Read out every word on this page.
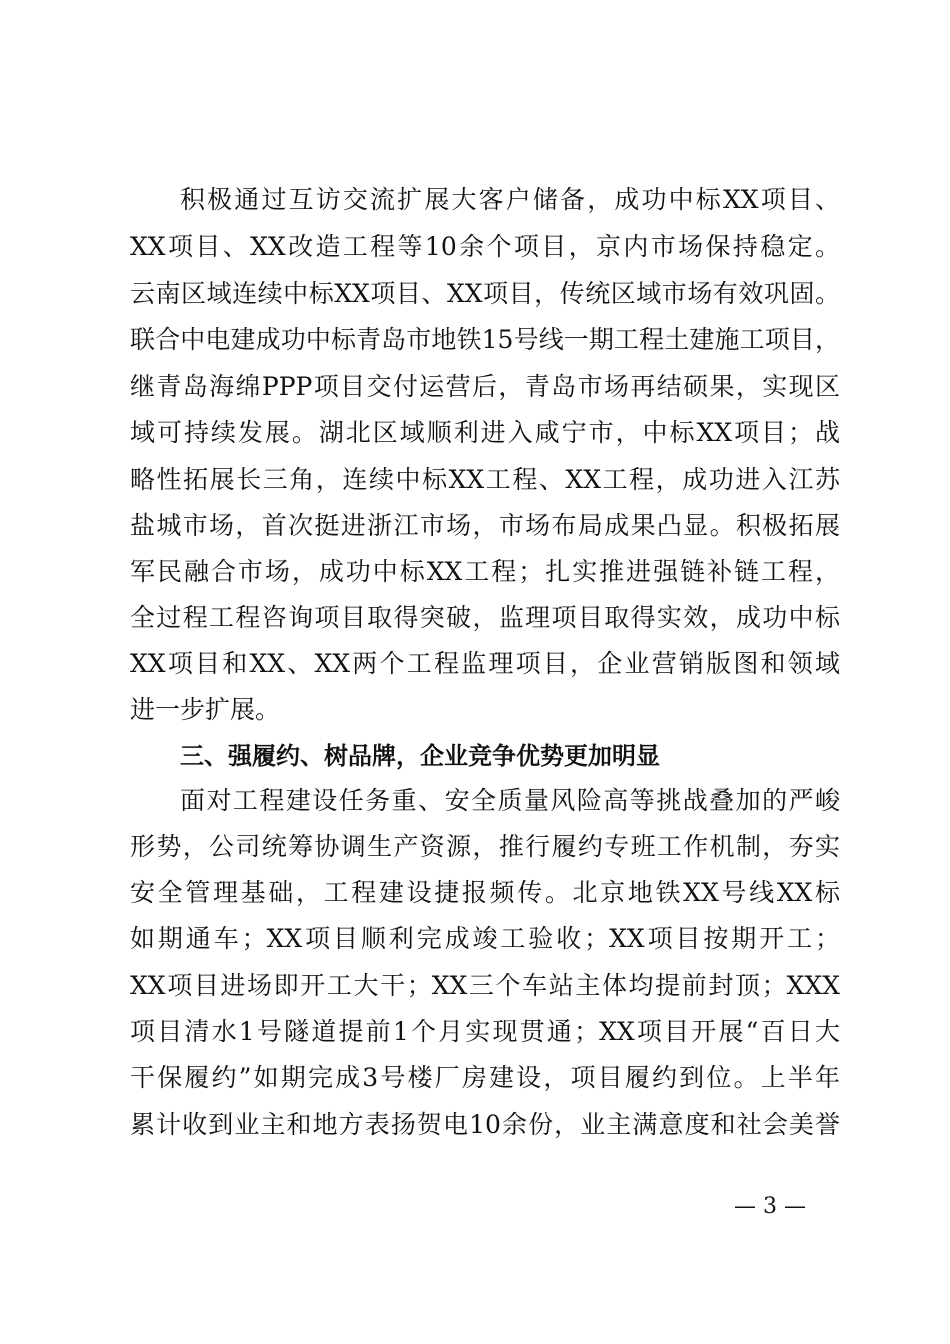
积极通过互访交流扩展大客户储备，成功中标XX项目、
XX项目、XX改造工程等10余个项目，京内市场保持稳定。
云南区域连续中标XX项目、XX项目，传统区域市场有效巩固。
联合中电建成功中标青岛市地铁15号线一期工程土建施工项目，
继青岛海绵PPP项目交付运营后，青岛市场再结硕果，实现区
域可持续发展。湖北区域顺利进入咸宁市，中标XX项目；战
略性拓展长三角，连续中标XX工程、XX工程，成功进入江苏
盐城市场，首次挺进浙江市场，市场布局成果凸显。积极拓展
军民融合市场，成功中标XX工程；扎实推进强链补链工程，
全过程工程咨询项目取得突破，监理项目取得实效，成功中标
XX项目和XX、XX两个工程监理项目，企业营销版图和领域
进一步扩展。
三、强履约、树品牌，企业竞争优势更加明显
面对工程建设任务重、安全质量风险高等挑战叠加的严峻
形势，公司统筹协调生产资源，推行履约专班工作机制，夯实
安全管理基础，工程建设捷报频传。北京地铁XX号线XX标
如期通车；XX项目顺利完成竣工验收；XX项目按期开工；
XX项目进场即开工大干；XX三个车站主体均提前封顶；XXX
项目清水1号隧道提前1个月实现贯通；XX项目开展“百日大
干保履约”如期完成3号楼厂房建设，项目履约到位。上半年
累计收到业主和地方表扬贺电10余份，业主满意度和社会美誉
— 3 —
